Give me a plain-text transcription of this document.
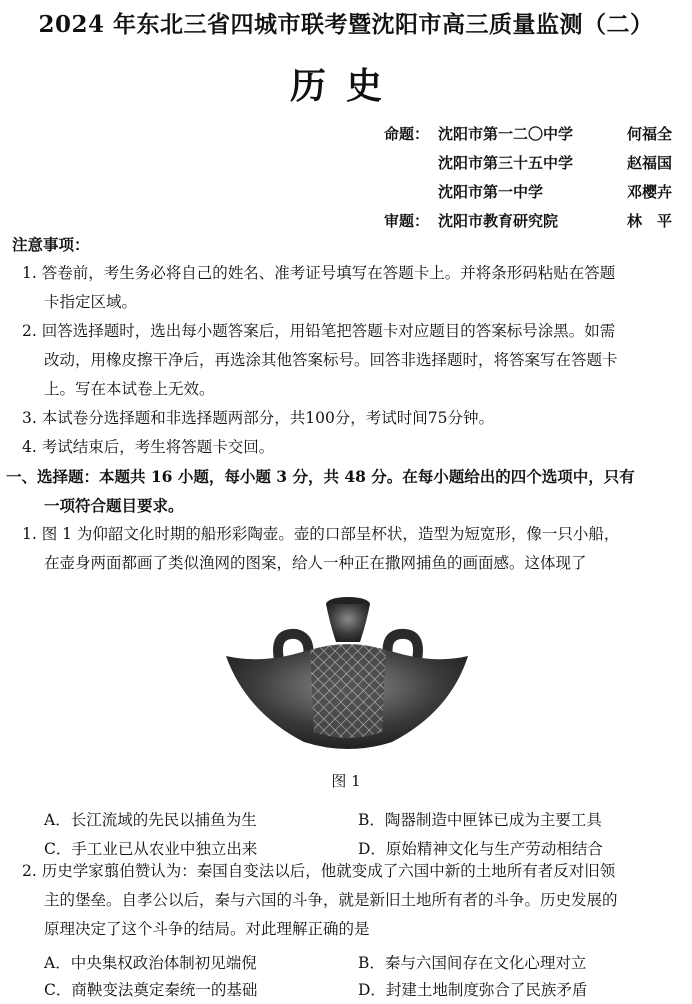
2024 年东北三省四城市联考暨沈阳市高三质量监测（二）
历史
命题： 沈阳市第一二〇中学	何福全
沈阳市第三十五中学	赵福国
沈阳市第一中学	邓樱卉
审题： 沈阳市教育研究院	林　平
注意事项：
1. 答卷前，考生务必将自己的姓名、准考证号填写在答题卡上。并将条形码粘贴在答题
卡指定区域。
2. 回答选择题时，选出每小题答案后，用铅笔把答题卡对应题目的答案标号涂黑。如需
改动，用橡皮擦干净后，再选涂其他答案标号。回答非选择题时，将答案写在答题卡
上。写在本试卷上无效。
3. 本试卷分选择题和非选择题两部分，共100分，考试时间75分钟。
4. 考试结束后，考生将答题卡交回。
一、选择题：本题共 16 小题，每小题 3 分，共 48 分。在每小题给出的四个选项中，只有
一项符合题目要求。
1. 图 1 为仰韶文化时期的船形彩陶壶。壶的口部呈杯状，造型为短宽形，像一只小船，
在壶身两面都画了类似渔网的图案，给人一种正在撒网捕鱼的画面感。这体现了
图 1
A．长江流域的先民以捕鱼为生	B．陶器制造中匣钵已成为主要工具
C．手工业已从农业中独立出来	D．原始精神文化与生产劳动相结合
2. 历史学家翦伯赞认为：秦国自变法以后，他就变成了六国中新的土地所有者反对旧领
主的堡垒。自孝公以后，秦与六国的斗争，就是新旧土地所有者的斗争。历史发展的
原理决定了这个斗争的结局。对此理解正确的是
A．中央集权政治体制初见端倪	B．秦与六国间存在文化心理对立
C．商鞅变法奠定秦统一的基础	D．封建土地制度弥合了民族矛盾
